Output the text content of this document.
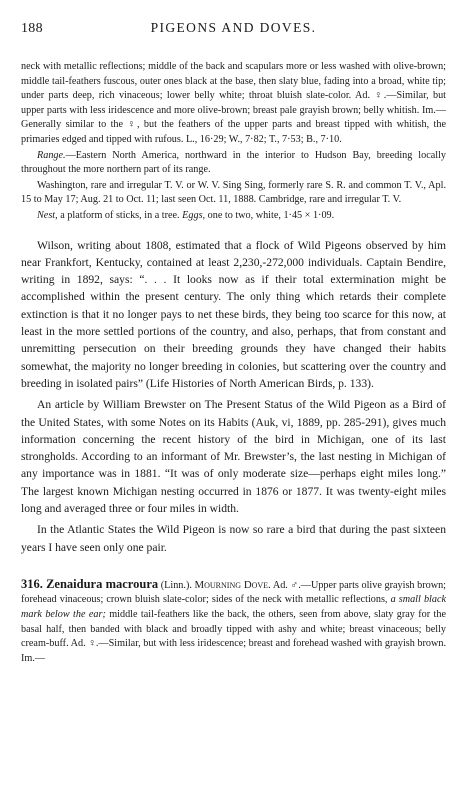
188	PIGEONS AND DOVES.

neck with metallic reflections; middle of the back and scapulars more or less washed with olive-brown; middle tail-feathers fuscous, outer ones black at the base, then slaty blue, fading into a broad, white tip; under parts deep, rich vinaceous; lower belly white; throat bluish slate-color. Ad. ♀.—Similar, but upper parts with less iridescence and more olive-brown; breast pale grayish brown; belly whitish. Im.—Generally similar to the ♀, but the feathers of the upper parts and breast tipped with whitish, the primaries edged and tipped with rufous. L., 16·29; W., 7·82; T., 7·53; B., 7·10.

Range.—Eastern North America, northward in the interior to Hudson Bay, breeding locally throughout the more northern part of its range.

Washington, rare and irregular T. V. or W. V. Sing Sing, formerly rare S. R. and common T. V., Apl. 15 to May 17; Aug. 21 to Oct. 11; last seen Oct. 11, 1888. Cambridge, rare and irregular T. V.

Nest, a platform of sticks, in a tree. Eggs, one to two, white, 1·45 × 1·09.

Wilson, writing about 1808, estimated that a flock of Wild Pigeons observed by him near Frankfort, Kentucky, contained at least 2,230,-272,000 individuals. Captain Bendire, writing in 1892, says: “. . . It looks now as if their total extermination might be accomplished within the present century. The only thing which retards their complete extinction is that it no longer pays to net these birds, they being too scarce for this now, at least in the more settled portions of the country, and also, perhaps, that from constant and unremitting persecution on their breeding grounds they have changed their habits somewhat, the majority no longer breeding in colonies, but scattering over the country and breeding in isolated pairs” (Life Histories of North American Birds, p. 133).

An article by William Brewster on The Present Status of the Wild Pigeon as a Bird of the United States, with some Notes on its Habits (Auk, vi, 1889, pp. 285-291), gives much information concerning the recent history of the bird in Michigan, one of its last strongholds. According to an informant of Mr. Brewster’s, the last nesting in Michigan of any importance was in 1881. “It was of only moderate size—perhaps eight miles long.” The largest known Michigan nesting occurred in 1876 or 1877. It was twenty-eight miles long and averaged three or four miles in width.

In the Atlantic States the Wild Pigeon is now so rare a bird that during the past sixteen years I have seen only one pair.

316. Zenaidura macroura (Linn.). Mourning Dove. Ad. ♂.—Upper parts olive grayish brown; forehead vinaceous; crown bluish slate-color; sides of the neck with metallic reflections, a small black mark below the ear; middle tail-feathers like the back, the others, seen from above, slaty gray for the basal half, then banded with black and broadly tipped with ashy and white; breast vinaceous; belly cream-buff. Ad. ♀.—Similar, but with less iridescence; breast and forehead washed with grayish brown. Im.—
